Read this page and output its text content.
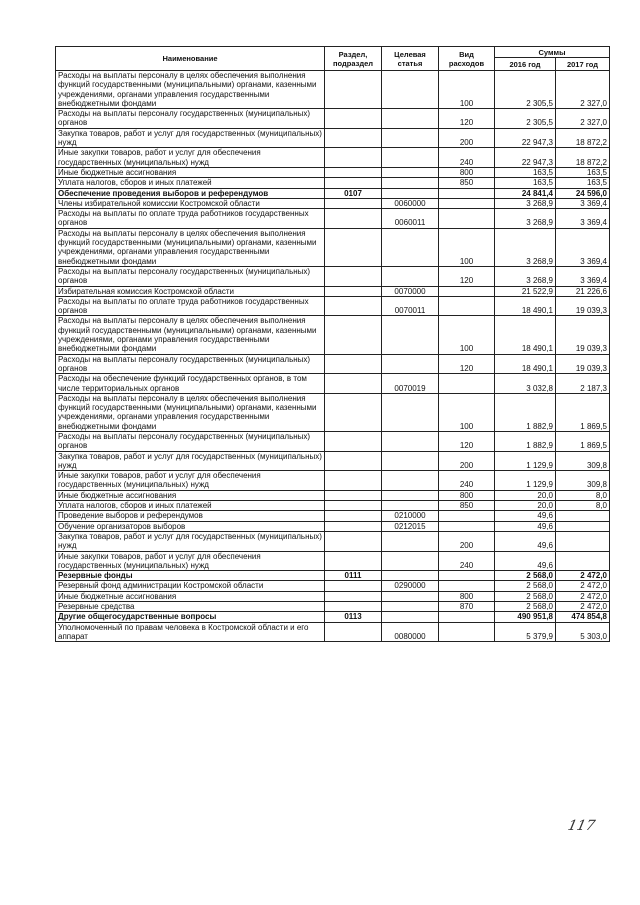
Наименование	Раздел, подраздел	Целевая статья	Вид расходов	Суммы	
				2016 год	2017 год
Расходы на выплаты персоналу в целях обеспечения выполнения функций государственными (муниципальными) органами, казенными учреждениями, органами управления государственными внебюджетными фондами			100	2 305,5	2 327,0
Расходы на выплаты персоналу государственных (муниципальных) органов			120	2 305,5	2 327,0
Закупка товаров, работ и услуг для государственных (муниципальных) нужд			200	22 947,3	18 872,2
Иные закупки товаров, работ и услуг для обеспечения государственных (муниципальных) нужд			240	22 947,3	18 872,2
Иные бюджетные ассигнования			800	163,5	163,5
Уплата налогов, сборов и иных платежей			850	163,5	163,5
Обеспечение проведения выборов и референдумов	0107			24 841,4	24 596,0
Члены избирательной комиссии Костромской области		0060000		3 268,9	3 369,4
Расходы на выплаты по оплате труда работников государственных органов		0060011		3 268,9	3 369,4
Расходы на выплаты персоналу в целях обеспечения выполнения функций государственными (муниципальными) органами, казенными учреждениями, органами управления государственными внебюджетными фондами			100	3 268,9	3 369,4
Расходы на выплаты персоналу государственных (муниципальных) органов			120	3 268,9	3 369,4
Избирательная комиссия Костромской области		0070000		21 522,9	21 226,6
Расходы на выплаты по оплате труда работников государственных органов		0070011		18 490,1	19 039,3
Расходы на выплаты персоналу в целях обеспечения выполнения функций государственными (муниципальными) органами, казенными учреждениями, органами управления государственными внебюджетными фондами			100	18 490,1	19 039,3
Расходы на выплаты персоналу государственных (муниципальных) органов			120	18 490,1	19 039,3
Расходы на обеспечение функций государственных органов, в том числе территориальных органов		0070019		3 032,8	2 187,3
Расходы на выплаты персоналу в целях обеспечения выполнения функций государственными (муниципальными) органами, казенными учреждениями, органами управления государственными внебюджетными фондами			100	1 882,9	1 869,5
Расходы на выплаты персоналу государственных (муниципальных) органов			120	1 882,9	1 869,5
Закупка товаров, работ и услуг для государственных (муниципальных) нужд			200	1 129,9	309,8
Иные закупки товаров, работ и услуг для обеспечения государственных (муниципальных) нужд			240	1 129,9	309,8
Иные бюджетные ассигнования			800	20,0	8,0
Уплата налогов, сборов и иных платежей			850	20,0	8,0
Проведение выборов и референдумов		0210000		49,6	
Обучение организаторов выборов		0212015		49,6	
Закупка товаров, работ и услуг для государственных (муниципальных) нужд			200	49,6	
Иные закупки товаров, работ и услуг для обеспечения государственных (муниципальных) нужд			240	49,6	
Резервные фонды	0111			2 568,0	2 472,0
Резервный фонд администрации Костромской области		0290000		2 568,0	2 472,0
Иные бюджетные ассигнования			800	2 568,0	2 472,0
Резервные средства			870	2 568,0	2 472,0
Другие общегосударственные вопросы	0113			490 951,8	474 854,8
Уполномоченный по правам человека в Костромской области и его аппарат		0080000		5 379,9	5 303,0
117
